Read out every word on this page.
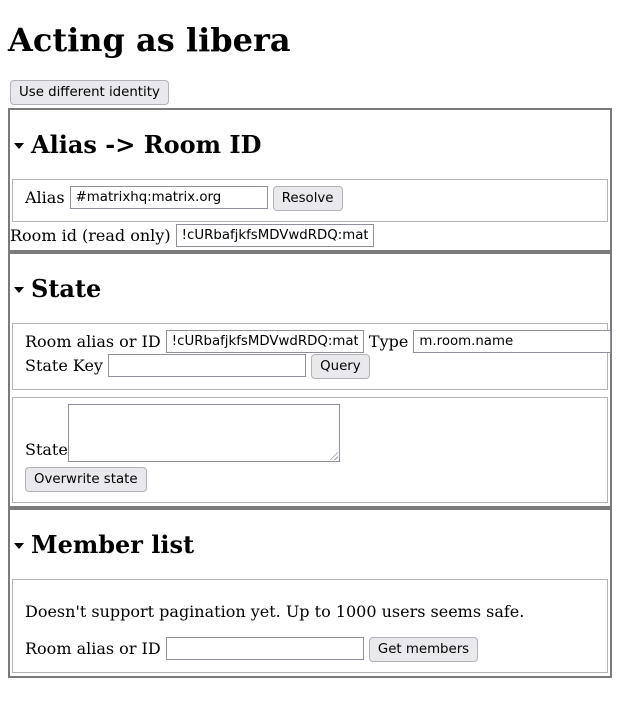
Acting as libera
Use different identity
Alias -> Room ID
Alias #matrixhq:matrix.org	Resolve
Room id (read only) !cURbafjkfsMDVwdRDQ:matrix.
State
Room alias or ID !cURbafjkfsMDVwdRDQ:matrix.	Type m.room.name
State Key	Query
State
Overwrite state
Member list

Doesn't support pagination yet. Up to 1000 users seems safe.

Room alias or ID	Get members
